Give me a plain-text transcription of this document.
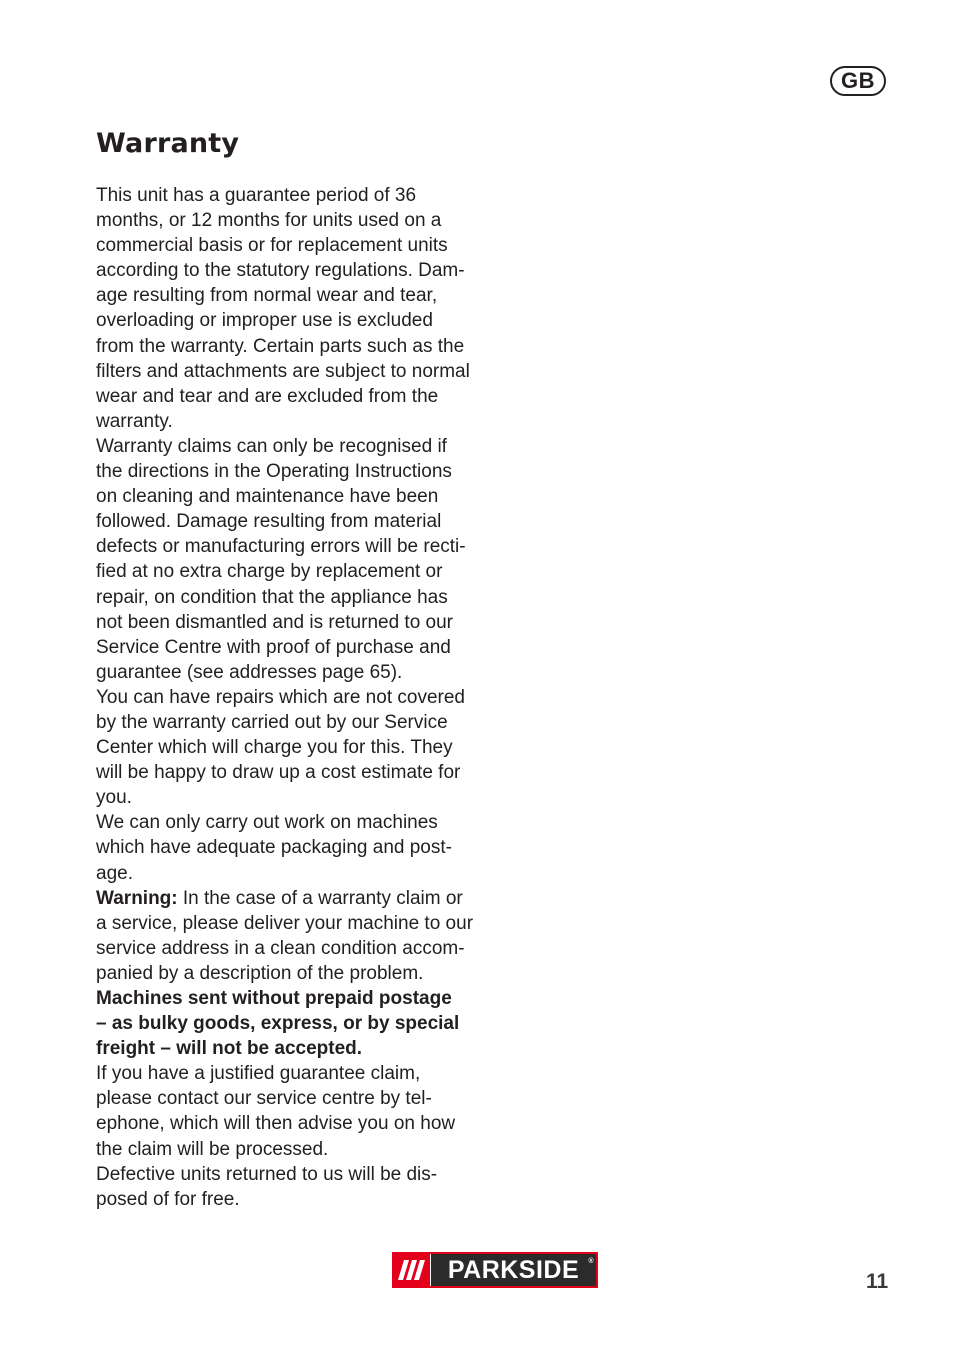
GB
Warranty
This unit has a guarantee period of 36
months, or 12 months for units used on a
commercial basis or for replacement units
according to the statutory regulations. Dam-
age resulting from normal wear and tear,
overloading or improper use is excluded
from the warranty. Certain parts such as the
filters and attachments are subject to normal
wear and tear and are excluded from the
warranty.
Warranty claims can only be recognised if
the directions in the Operating Instructions
on cleaning and maintenance have been
followed. Damage resulting from material
defects or manufacturing errors will be recti-
fied at no extra charge by replacement or
repair, on condition that the appliance has
not been dismantled and is returned to our
Service Centre with proof of purchase and
guarantee (see addresses page 65).
You can have repairs which are not covered
by the warranty carried out by our Service
Center which will charge you for this. They
will be happy to draw up a cost estimate for
you.
We can only carry out work on machines
which have adequate packaging and post-
age.
Warning: In the case of a warranty claim or
a service, please deliver your machine to our
service address in a clean condition accom-
panied by a description of the problem.
Machines sent without prepaid postage
– as bulky goods, express, or by special
freight – will not be accepted.
If you have a justified guarantee claim,
please contact our service centre by tel-
ephone, which will then advise you on how
the claim will be processed.
Defective units returned to us will be dis-
posed of for free.
PARKSIDE ®
11
